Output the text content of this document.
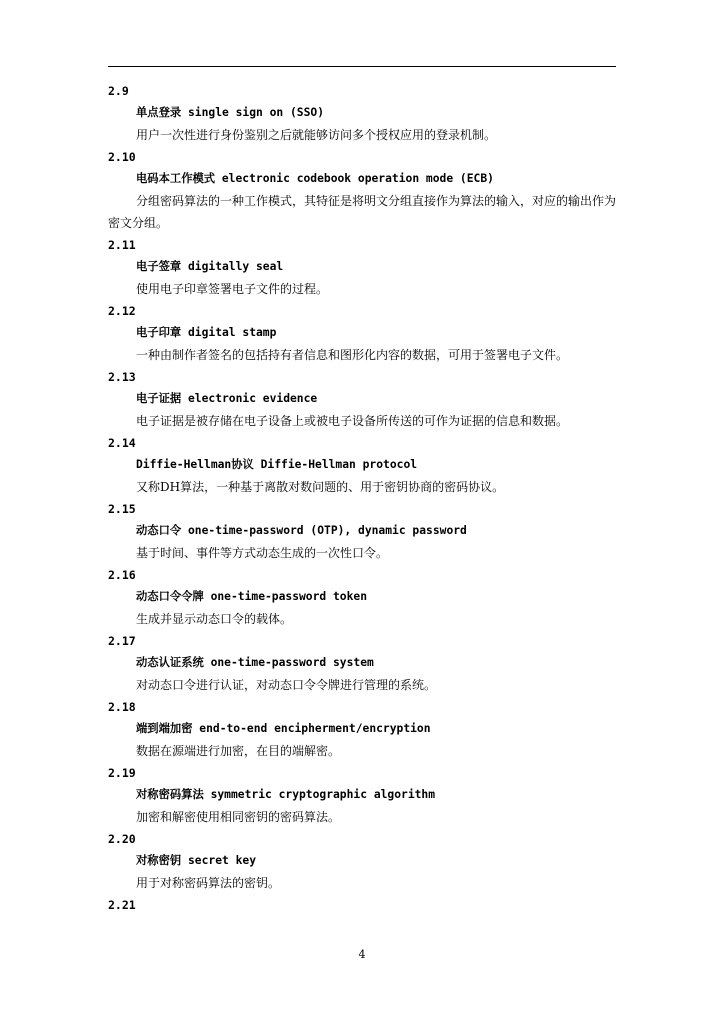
2.9
单点登录 single sign on (SSO)

用户一次性进行身份鉴别之后就能够访问多个授权应用的登录机制。

2.10
电码本工作模式 electronic codebook operation mode (ECB)

分组密码算法的一种工作模式，其特征是将明文分组直接作为算法的输入，对应的输出作为密文分组。

2.11
电子签章 digitally seal

使用电子印章签署电子文件的过程。

2.12
电子印章 digital stamp

一种由制作者签名的包括持有者信息和图形化内容的数据，可用于签署电子文件。

2.13
电子证据 electronic evidence

电子证据是被存储在电子设备上或被电子设备所传送的可作为证据的信息和数据。

2.14
Diffie-Hellman协议 Diffie-Hellman protocol

又称DH算法，一种基于离散对数问题的、用于密钥协商的密码协议。

2.15
动态口令 one-time-password (OTP), dynamic password

基于时间、事件等方式动态生成的一次性口令。

2.16
动态口令令牌 one-time-password token

生成并显示动态口令的载体。

2.17
动态认证系统 one-time-password system

对动态口令进行认证，对动态口令令牌进行管理的系统。

2.18
端到端加密 end-to-end encipherment/encryption

数据在源端进行加密，在目的端解密。

2.19
对称密码算法 symmetric cryptographic algorithm

加密和解密使用相同密钥的密码算法。

2.20
对称密钥 secret key

用于对称密码算法的密钥。

2.21
4
